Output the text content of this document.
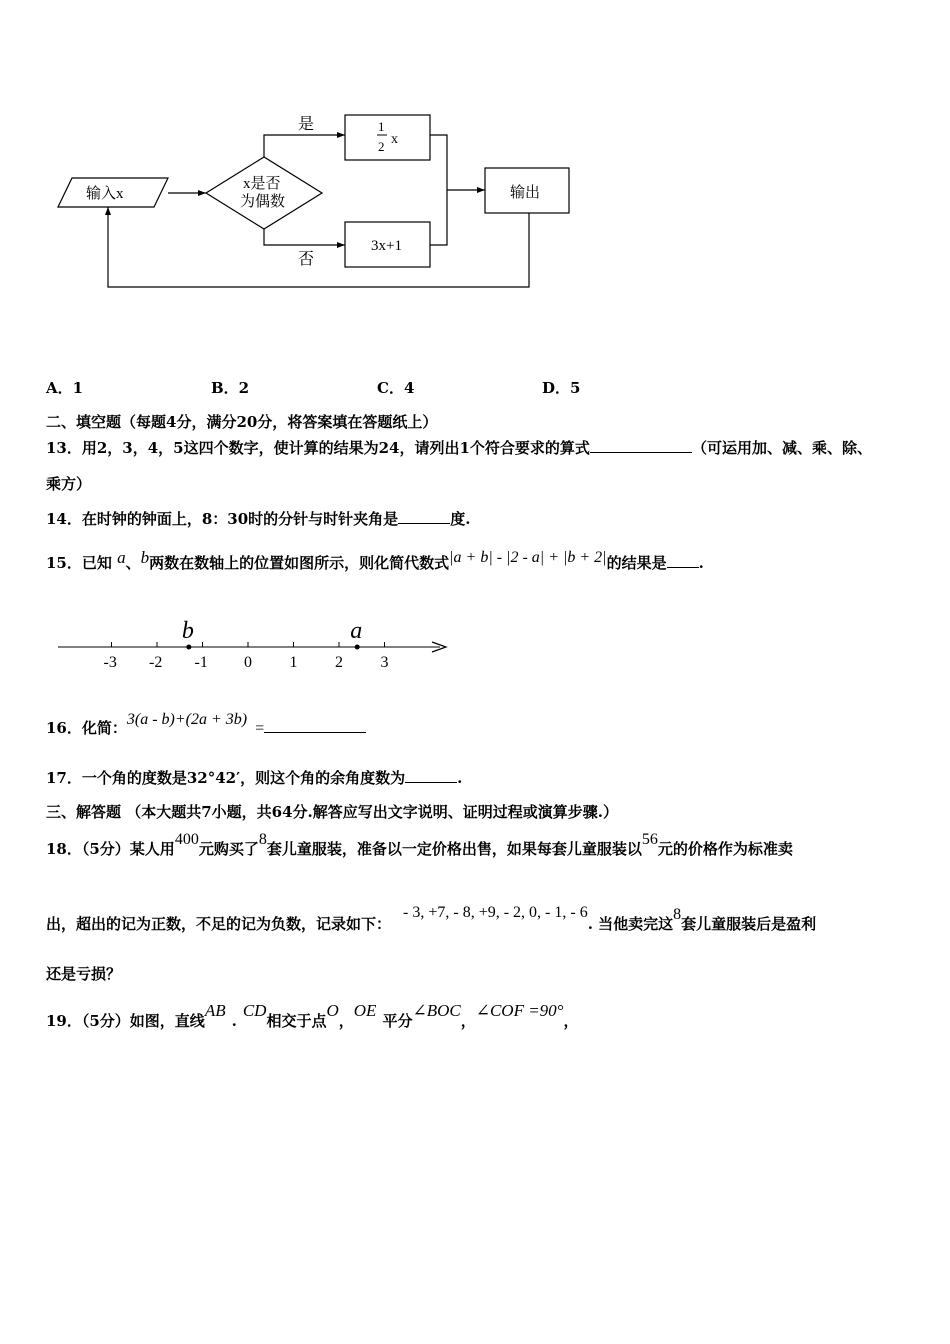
输入x
x是否
为偶数
是
否
1
2 x
3x+1
输出
A．1	B．2	C．4	D．5
二、填空题（每题4分，满分20分，将答案填在答题纸上）
13．用2，3，4，5这四个数字，使计算的结果为24，请列出1个符合要求的算式	（可运用加、减、乘、除、
乘方）
14．在时钟的钟面上，8：30时的分针与时针夹角是	度.
15．已知 a、b两数在数轴上的位置如图所示，则化简代数式|a + b| - |2 - a| + |b + 2|的结果是 .
-3 -2 -1 0 1 2 3
b	a
16．化简：3(a - b)+(2a + 3b)=
17．一个角的度数是32°42′，则这个角的余角度数为	.
三、解答题 （本大题共7小题，共64分.解答应写出文字说明、证明过程或演算步骤.）
18．（5分）某人用400元购买了8套儿童服装，准备以一定价格出售，如果每套儿童服装以56元的价格作为标准卖
出，超出的记为正数，不足的记为负数，记录如下：- 3, +7, - 8, +9, - 2, 0, - 1, - 6. 当他卖完这8套儿童服装后是盈利
还是亏损？
19．（5分）如图，直线AB.CD相交于点O，OE平分∠BOC，∠COF =90°，
